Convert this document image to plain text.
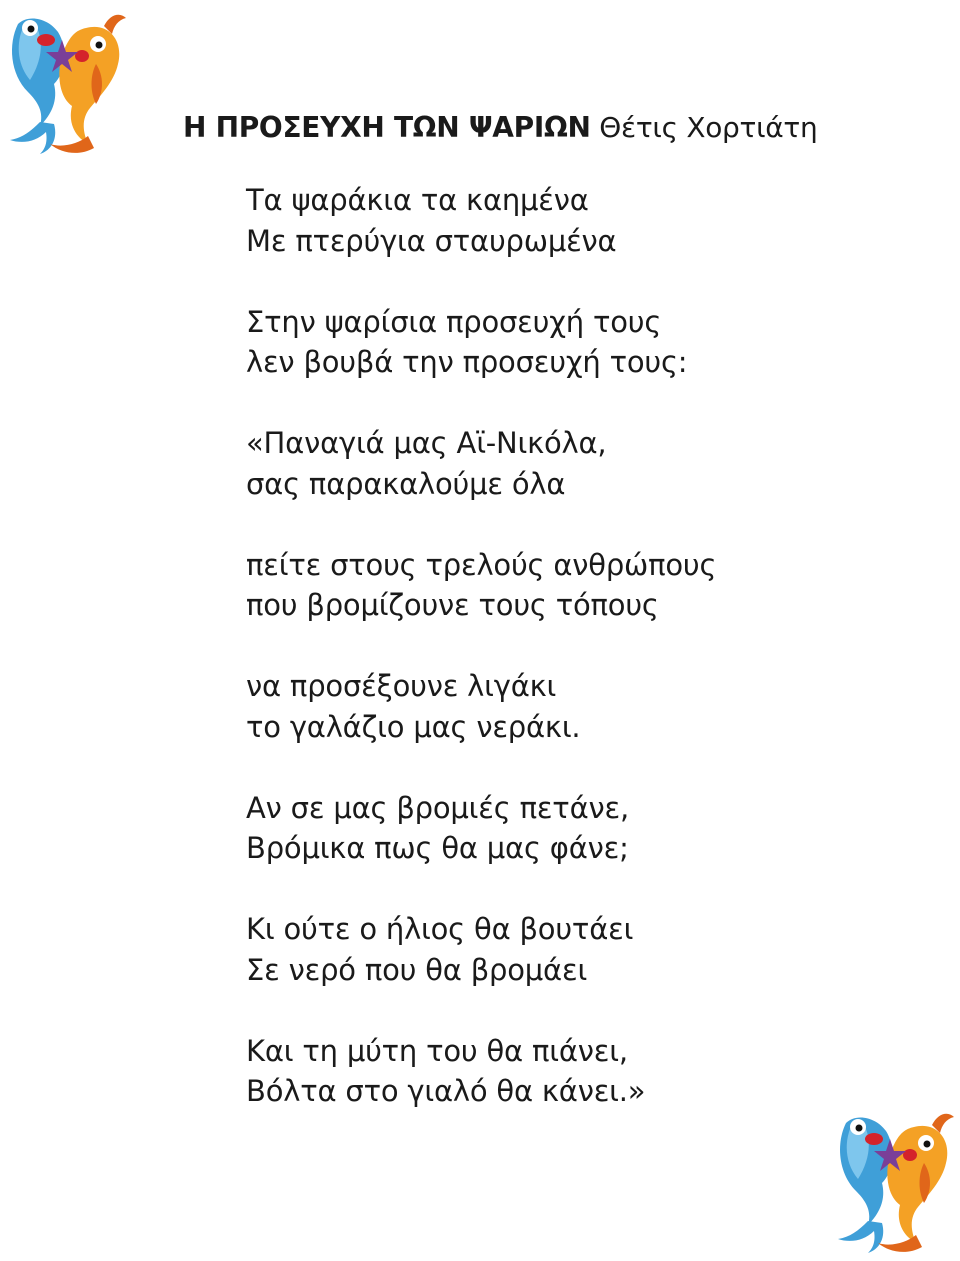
Η ΠΡΟΣΕΥΧΗ ΤΩΝ ΨΑΡΙΩΝ Θέτις Χορτιάτη
Τα ψαράκια τα καημένα
Με πτερύγια σταυρωμένα
Στην ψαρίσια προσευχή τους
λεν βουβά την προσευχή τους:
«Παναγιά μας Αϊ-Νικόλα,
σας παρακαλούμε όλα
πείτε στους τρελούς ανθρώπους
που βρομίζουνε τους τόπους
να προσέξουνε λιγάκι
το γαλάζιο μας νεράκι.
Αν σε μας βρομιές πετάνε,
Βρόμικα πως θα μας φάνε;
Κι ούτε ο ήλιος θα βουτάει
Σε νερό που θα βρομάει
Και τη μύτη του θα πιάνει,
Βόλτα στο γιαλό θα κάνει.»
